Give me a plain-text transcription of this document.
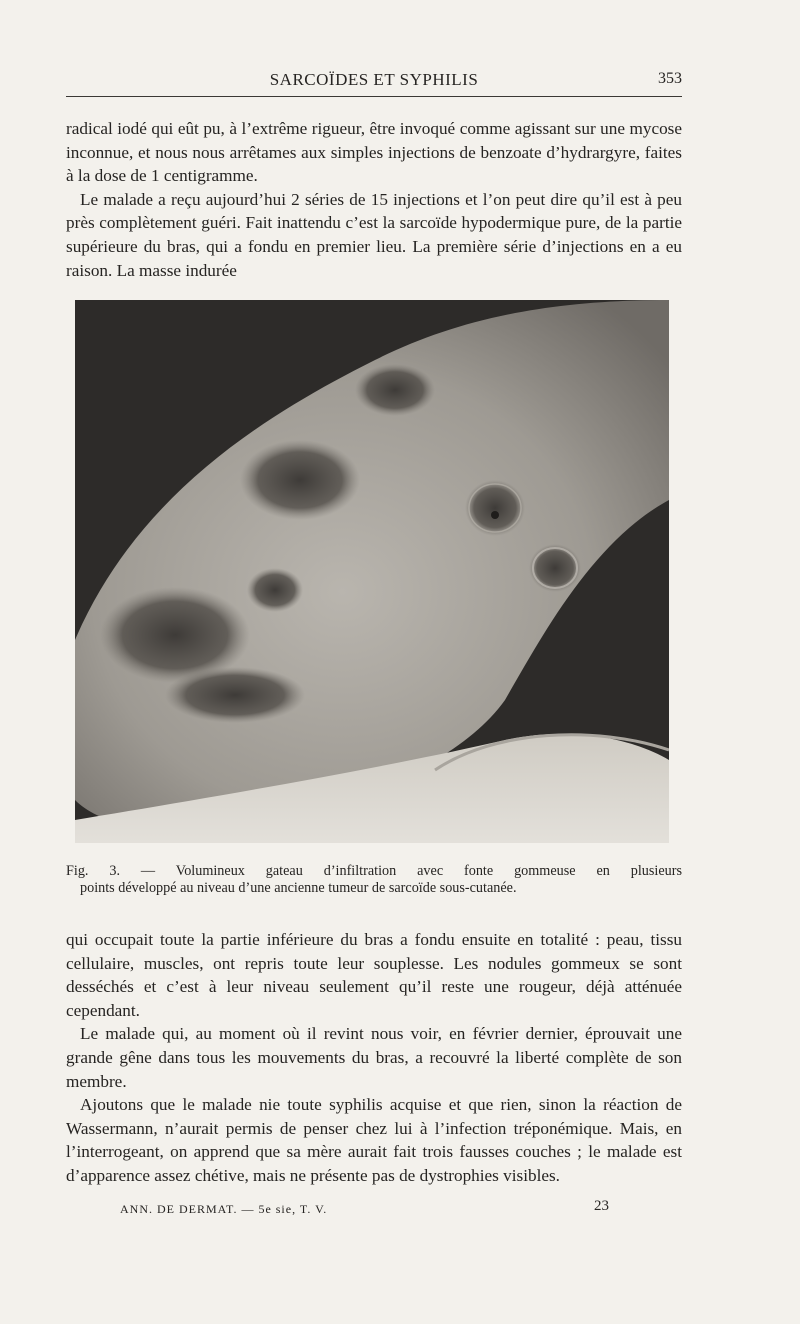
SARCOÏDES ET SYPHILIS	353

radical iodé qui eût pu, à l’extrême rigueur, être invoqué comme agissant sur une mycose inconnue, et nous nous arrêtames aux simples injections de benzoate d’hydrargyre, faites à la dose de 1 centigramme.

Le malade a reçu aujourd’hui 2 séries de 15 injections et l’on peut dire qu’il est à peu près complètement guéri. Fait inattendu c’est la sarcoïde hypodermique pure, de la partie supérieure du bras, qui a fondu en premier lieu. La première série d’injections en a eu raison. La masse indurée

Fig. 3. — Volumineux gateau d’infiltration avec fonte gommeuse en plusieurs
points développé au niveau d’une ancienne tumeur de sarcoïde sous-cutanée.

qui occupait toute la partie inférieure du bras a fondu ensuite en totalité : peau, tissu cellulaire, muscles, ont repris toute leur souplesse. Les nodules gommeux se sont desséchés et c’est à leur niveau seulement qu’il reste une rougeur, déjà atténuée cependant.

Le malade qui, au moment où il revint nous voir, en février dernier, éprouvait une grande gêne dans tous les mouvements du bras, a recouvré la liberté complète de son membre.

Ajoutons que le malade nie toute syphilis acquise et que rien, sinon la réaction de Wassermann, n’aurait permis de penser chez lui à l’infection tréponémique. Mais, en l’interrogeant, on apprend que sa mère aurait fait trois fausses couches ; le malade est d’apparence assez chétive, mais ne présente pas de dystrophies visibles.

ANN. DE DERMAT. — 5e sie, T. V.	23
